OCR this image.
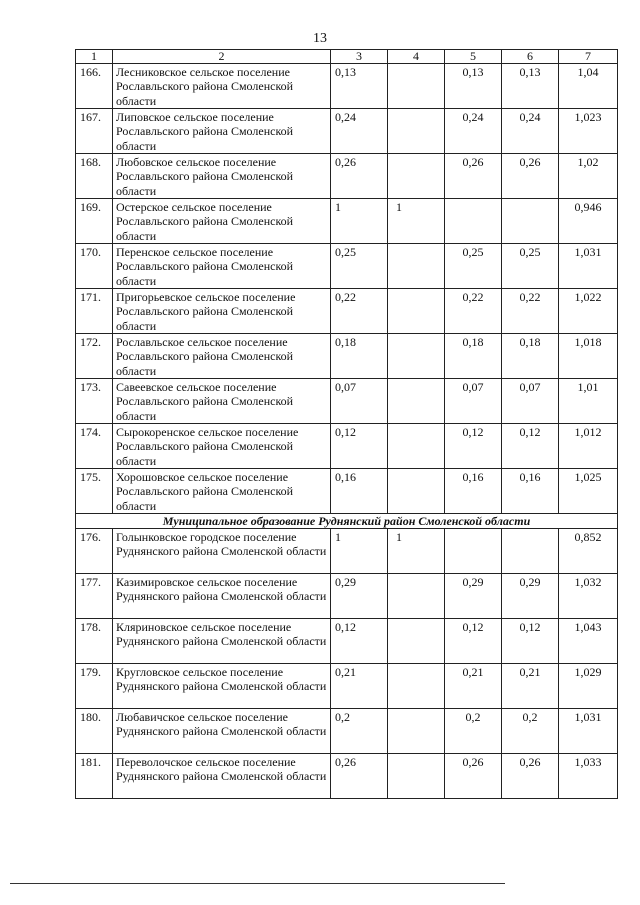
13
1	2	3	4	5	6	7
166.	Лесниковское сельское поселение Рославльского района Смоленской области	0,13		0,13	0,13	1,04
167.	Липовское сельское поселение Рославльского района Смоленской области	0,24		0,24	0,24	1,023
168.	Любовское сельское поселение Рославльского района Смоленской области	0,26		0,26	0,26	1,02
169.	Остерское сельское поселение Рославльского района Смоленской области	1	1			0,946
170.	Перенское сельское поселение Рославльского района Смоленской области	0,25		0,25	0,25	1,031
171.	Пригорьевское сельское поселение Рославльского района Смоленской области	0,22		0,22	0,22	1,022
172.	Рославльское сельское поселение Рославльского района Смоленской области	0,18		0,18	0,18	1,018
173.	Савеевское сельское поселение Рославльского района Смоленской области	0,07		0,07	0,07	1,01
174.	Сырокоренское сельское поселение Рославльского района Смоленской области	0,12		0,12	0,12	1,012
175.	Хорошовское сельское поселение Рославльского района Смоленской области	0,16		0,16	0,16	1,025
Муниципальное образование Руднянский район Смоленской области						
176.	Голынковское городское поселение Руднянского района Смоленской области	1	1			0,852
177.	Казимировское сельское поселение Руднянского района Смоленской области	0,29		0,29	0,29	1,032
178.	Кляриновское сельское поселение Руднянского района Смоленской области	0,12		0,12	0,12	1,043
179.	Кругловское сельское поселение Руднянского района Смоленской области	0,21		0,21	0,21	1,029
180.	Любавичское сельское поселение Руднянского района Смоленской области	0,2		0,2	0,2	1,031
181.	Переволочское сельское поселение Руднянского района Смоленской области	0,26		0,26	0,26	1,033
